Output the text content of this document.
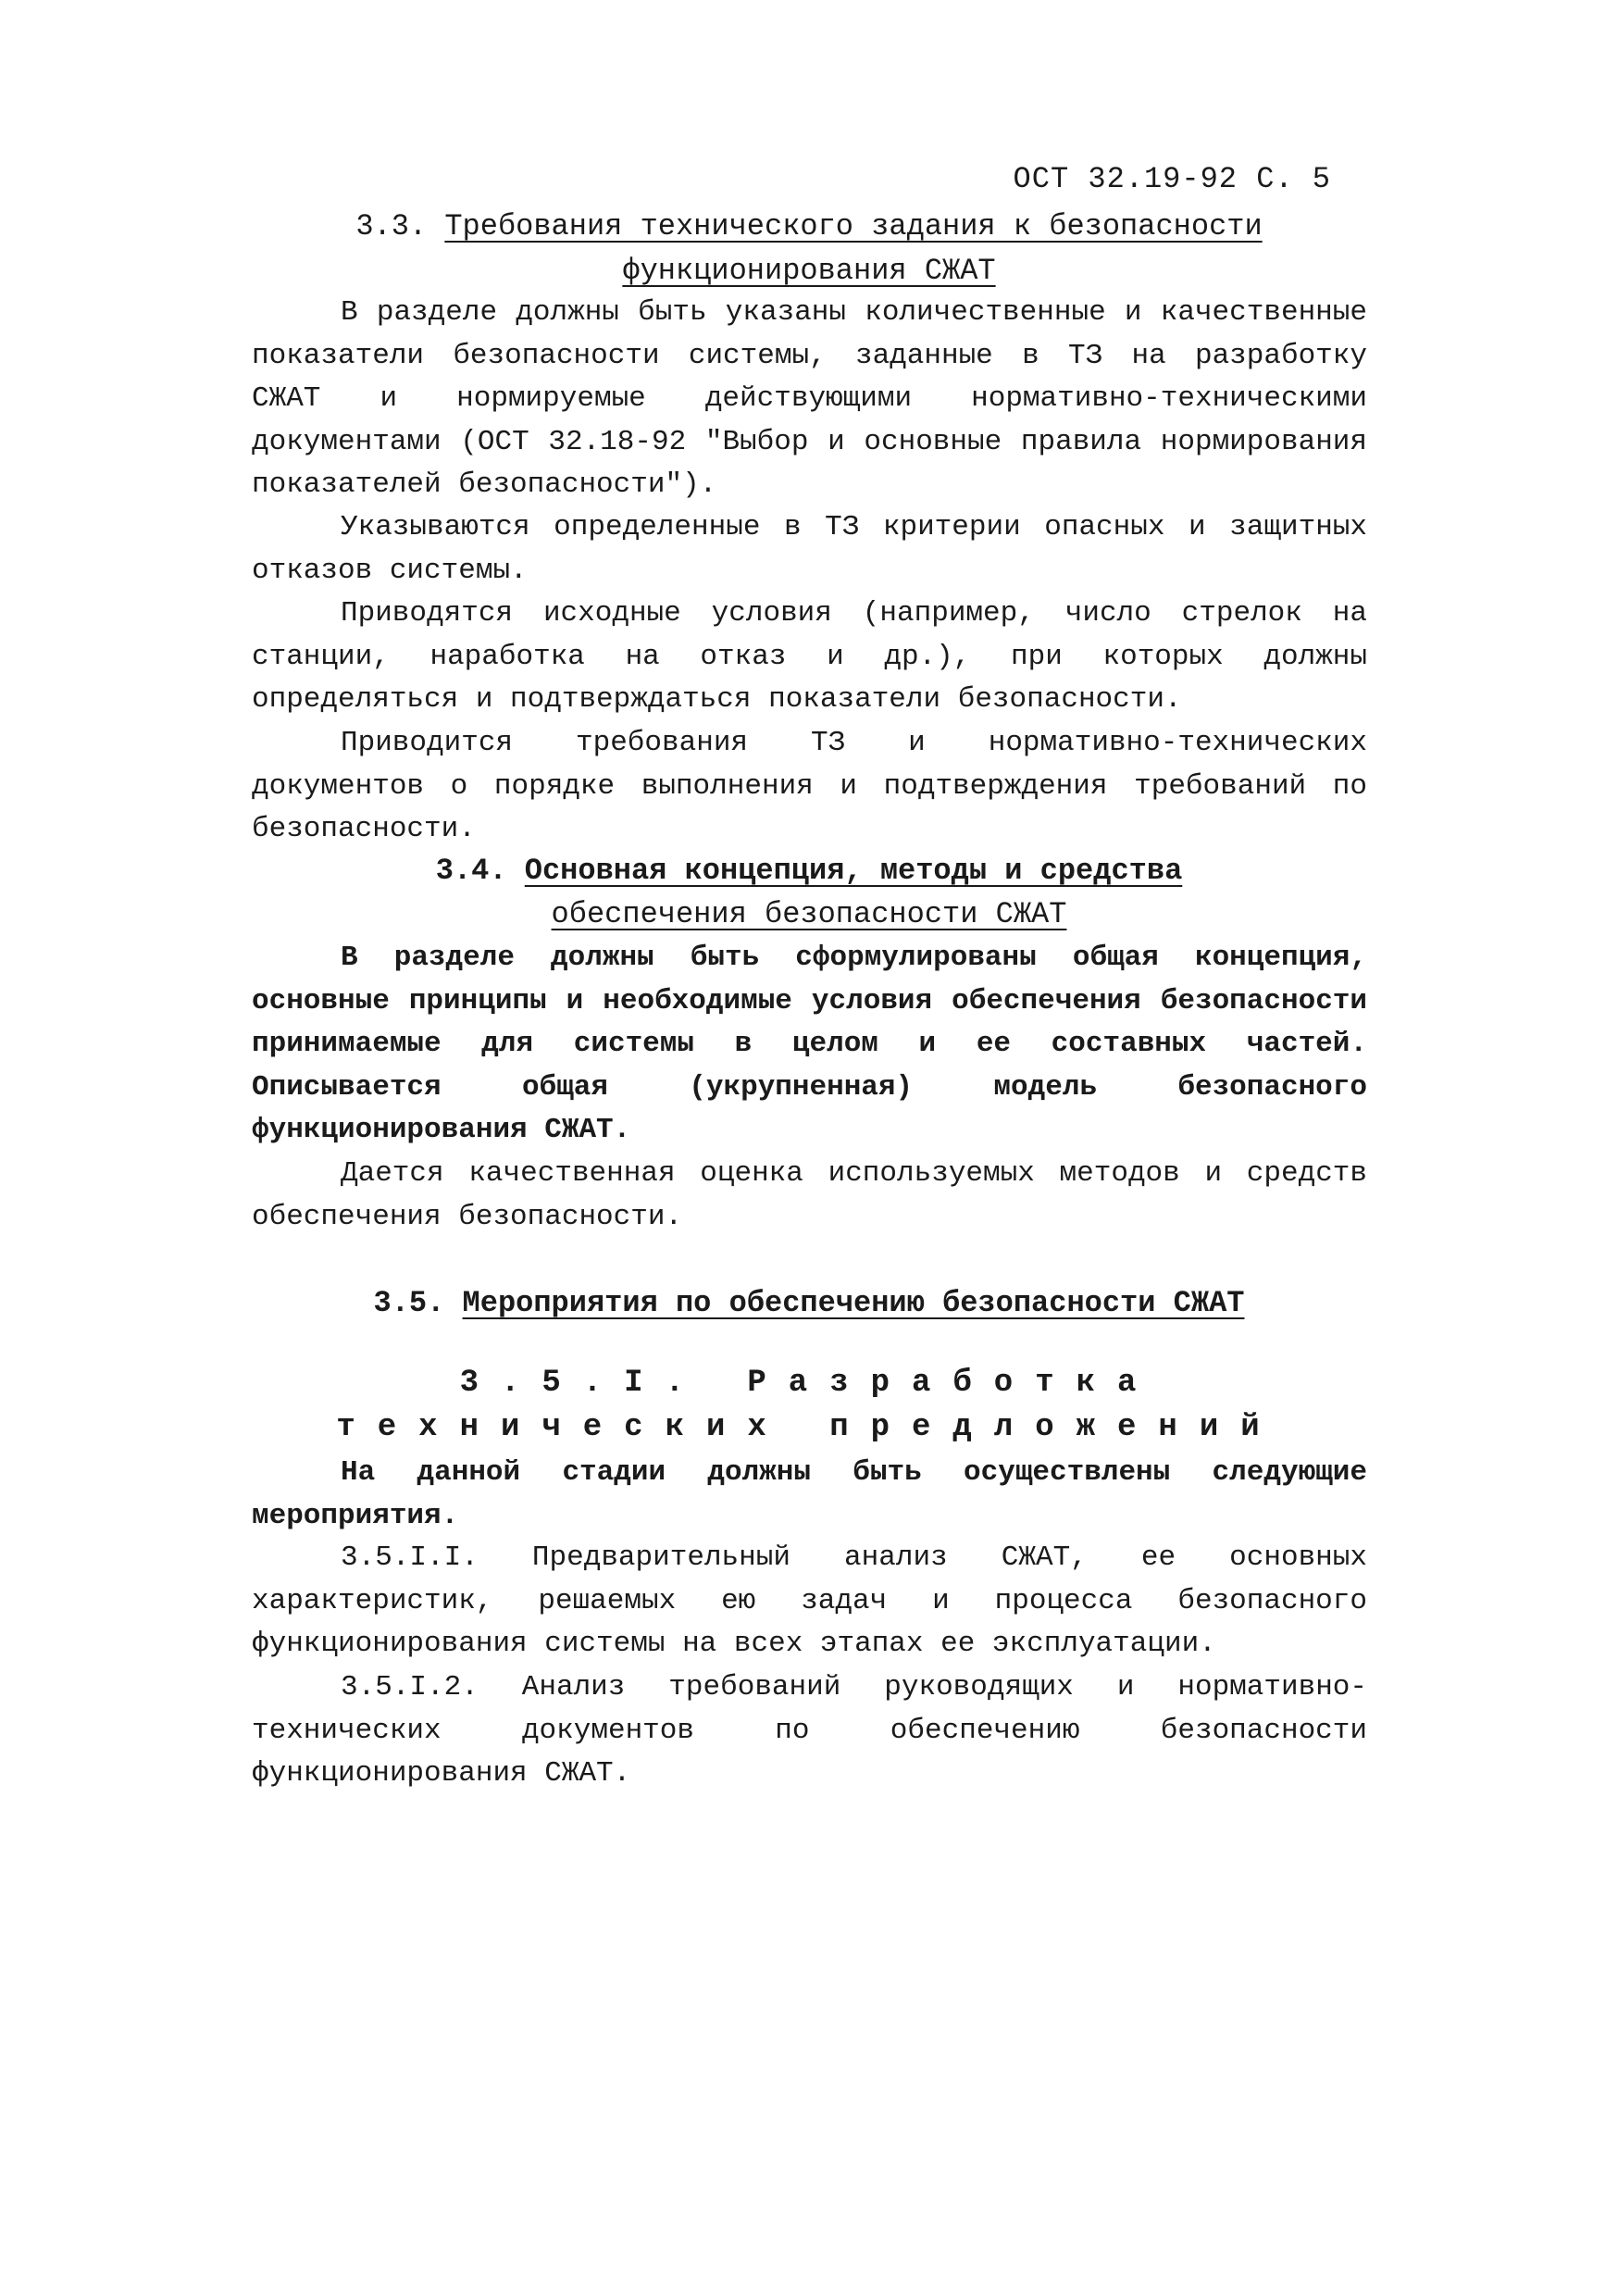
ОСТ 32.19-92 С. 5
3.3. Требования технического задания к безопасности
функционирования СЖАТ
В разделе должны быть указаны количественные и качественные показатели безопасности системы, заданные в ТЗ на разработку СЖАТ и нормируемые действующими нормативно-техническими документами (ОСТ 32.18-92 "Выбор и основные правила нормирования показателей безопасности").
Указываются определенные в ТЗ критерии опасных и защитных отказов системы.
Приводятся исходные условия (например, число стрелок на станции, наработка на отказ и др.), при которых должны определяться и подтверждаться показатели безопасности.
Приводится требования ТЗ и нормативно-технических документов о порядке выполнения и подтверждения требований по безопасности.
3.4. Основная концепция, методы и средства
обеспечения безопасности СЖАТ
В разделе должны быть сформулированы общая концепция, основные принципы и необходимые условия обеспечения безопасности принимаемые для системы в целом и ее составных частей. Описывается общая (укрупненная) модель безопасного функционирования СЖАТ.
Дается качественная оценка используемых методов и средств обеспечения безопасности.
3.5. Мероприятия по обеспечению безопасности СЖАТ
3.5.I. Разработка
технических предложений
На данной стадии должны быть осуществлены следующие мероприятия.
3.5.I.I. Предварительный анализ СЖАТ, ее основных характеристик, решаемых ею задач и процесса безопасного функционирования системы на всех этапах ее эксплуатации.
3.5.I.2. Анализ требований руководящих и нормативно-технических документов по обеспечению безопасности функционирования СЖАТ.
